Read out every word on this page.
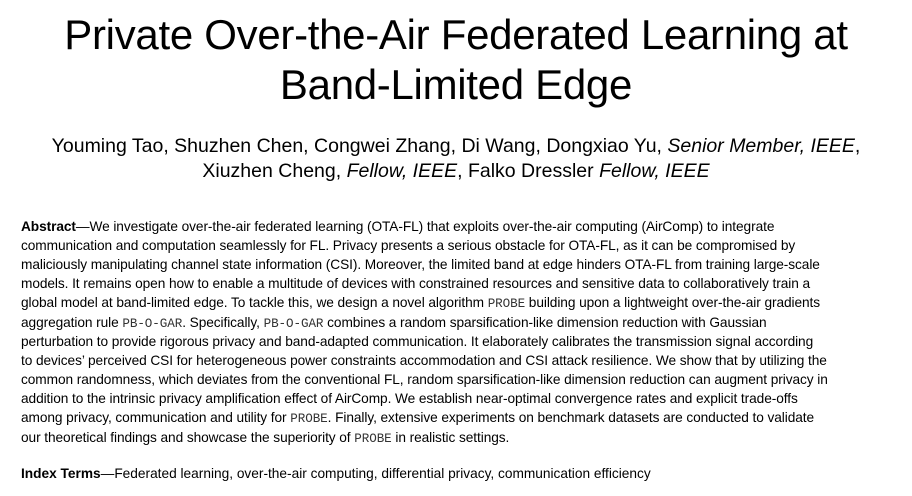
Private Over-the-Air Federated Learning at
Band-Limited Edge
Youming Tao, Shuzhen Chen, Congwei Zhang, Di Wang, Dongxiao Yu, Senior Member, IEEE,
Xiuzhen Cheng, Fellow, IEEE, Falko Dressler Fellow, IEEE
Abstract—We investigate over-the-air federated learning (OTA-FL) that exploits over-the-air computing (AirComp) to integrate
communication and computation seamlessly for FL. Privacy presents a serious obstacle for OTA-FL, as it can be compromised by
maliciously manipulating channel state information (CSI). Moreover, the limited band at edge hinders OTA-FL from training large-scale
models. It remains open how to enable a multitude of devices with constrained resources and sensitive data to collaboratively train a
global model at band-limited edge. To tackle this, we design a novel algorithm PROBE building upon a lightweight over-the-air gradients
aggregation rule PB-O-GAR. Specifically, PB-O-GAR combines a random sparsification-like dimension reduction with Gaussian
perturbation to provide rigorous privacy and band-adapted communication. It elaborately calibrates the transmission signal according
to devices’ perceived CSI for heterogeneous power constraints accommodation and CSI attack resilience. We show that by utilizing the
common randomness, which deviates from the conventional FL, random sparsification-like dimension reduction can augment privacy in
addition to the intrinsic privacy amplification effect of AirComp. We establish near-optimal convergence rates and explicit trade-offs
among privacy, communication and utility for PROBE. Finally, extensive experiments on benchmark datasets are conducted to validate
our theoretical findings and showcase the superiority of PROBE in realistic settings.
Index Terms—Federated learning, over-the-air computing, differential privacy, communication efficiency
